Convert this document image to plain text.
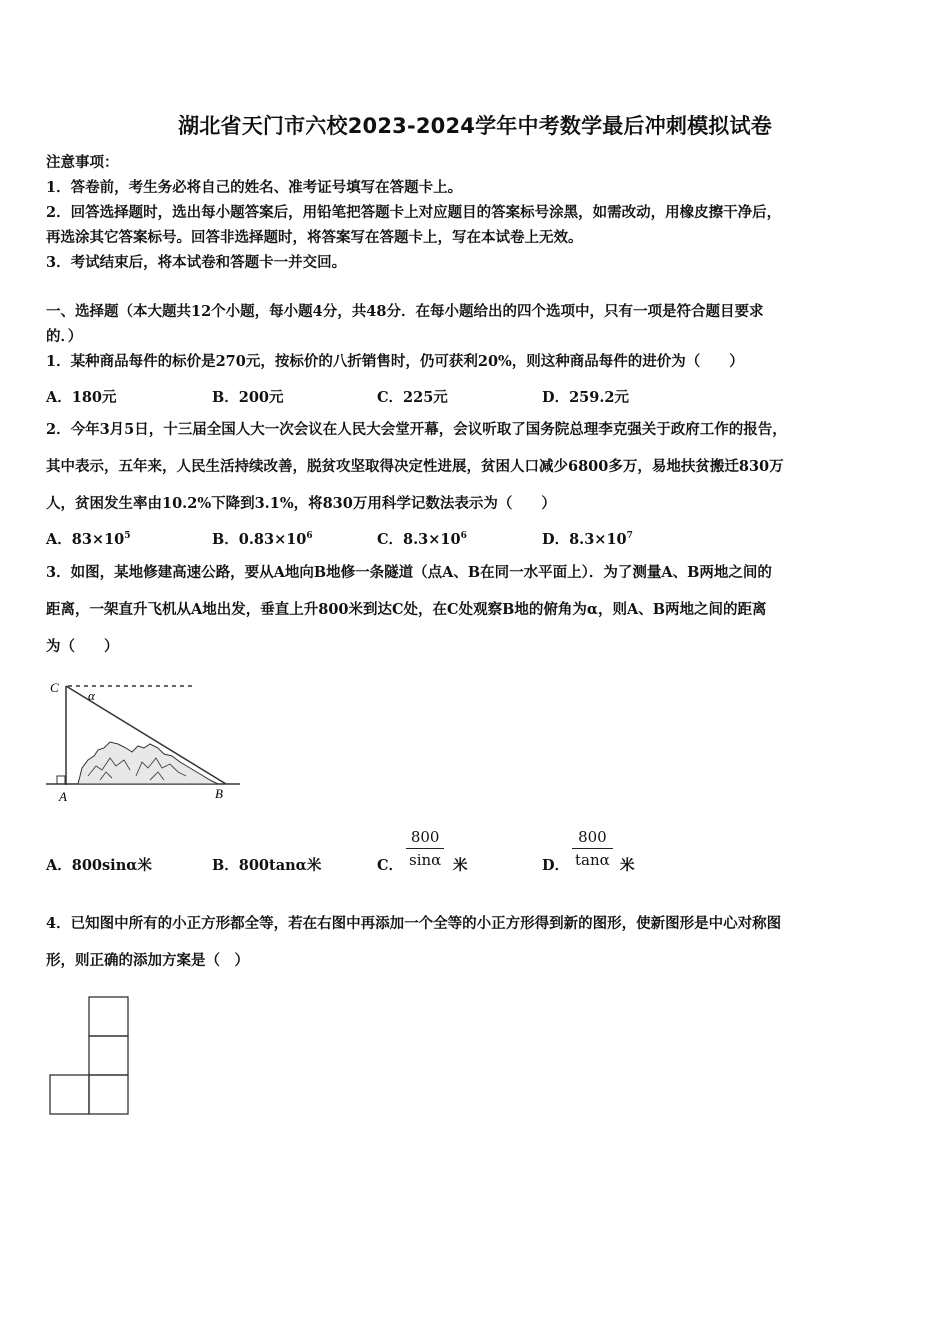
湖北省天门市六校2023-2024学年中考数学最后冲刺模拟试卷
注意事项：
1．答卷前，考生务必将自己的姓名、准考证号填写在答题卡上。
2．回答选择题时，选出每小题答案后，用铅笔把答题卡上对应题目的答案标号涂黑，如需改动，用橡皮擦干净后，
再选涂其它答案标号。回答非选择题时，将答案写在答题卡上，写在本试卷上无效。
3．考试结束后，将本试卷和答题卡一并交回。
一、选择题（本大题共12个小题，每小题4分，共48分．在每小题给出的四个选项中，只有一项是符合题目要求
的．）
1．某种商品每件的标价是270元，按标价的八折销售时，仍可获利20%，则这种商品每件的进价为（　　）
A．180元	B．200元	C．225元	D．259.2元
2．今年3月5日，十三届全国人大一次会议在人民大会堂开幕，会议听取了国务院总理李克强关于政府工作的报告，
其中表示，五年来，人民生活持续改善，脱贫攻坚取得决定性进展，贫困人口减少6800多万，易地扶贫搬迁830万
人，贫困发生率由10.2%下降到3.1%，将830万用科学记数法表示为（　　）
A．$83\times 10^5$	B．$0.83\times 10^6$	C．$8.3\times 10^6$	D．$8.3\times 10^7$
3．如图，某地修建高速公路，要从A地向B地修一条隧道（点A、B在同一水平面上）．为了测量A、B两地之间的
距离，一架直升飞机从A地出发，垂直上升800米到达C处，在C处观察B地的俯角为α，则A、B两地之间的距离
为（　　）
C
α
A	B
A．800sinα米	B．800tanα米	C．	米	D．	米
$\frac{800}{\sin\alpha}$	$\frac{800}{\tan\alpha}$
4．已知图中所有的小正方形都全等，若在右图中再添加一个全等的小正方形得到新的图形，使新图形是中心对称图
形，则正确的添加方案是（　）
